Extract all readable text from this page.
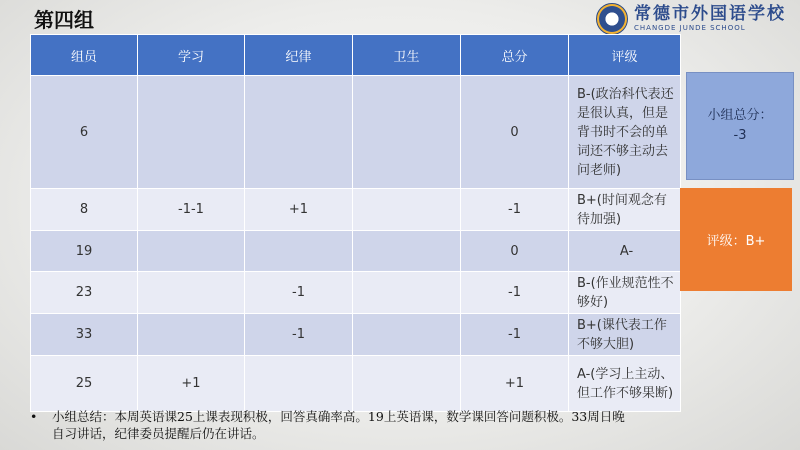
第四组	常德市外国语学校
CHANGDE JUNDE SCHOOL
组员	学习	纪律	卫生	总分	评级
6				0	B-(政治科代表还是很认真，但是背书时不会的单词还不够主动去问老师)
8	-1-1	+1		-1	B+(时间观念有待加强)
19				0	A-
23		-1		-1	B-(作业规范性不够好)
33		-1		-1	B+(课代表工作不够大胆)
25	+1			+1	A-(学习上主动、但工作不够果断)
小组总分：
-3
评级：B+
• 小组总结：本周英语课25上课表现积极，回答真确率高。19上英语课，数学课回答问题积极。33周日晚自习讲话，纪律委员提醒后仍在讲话。
